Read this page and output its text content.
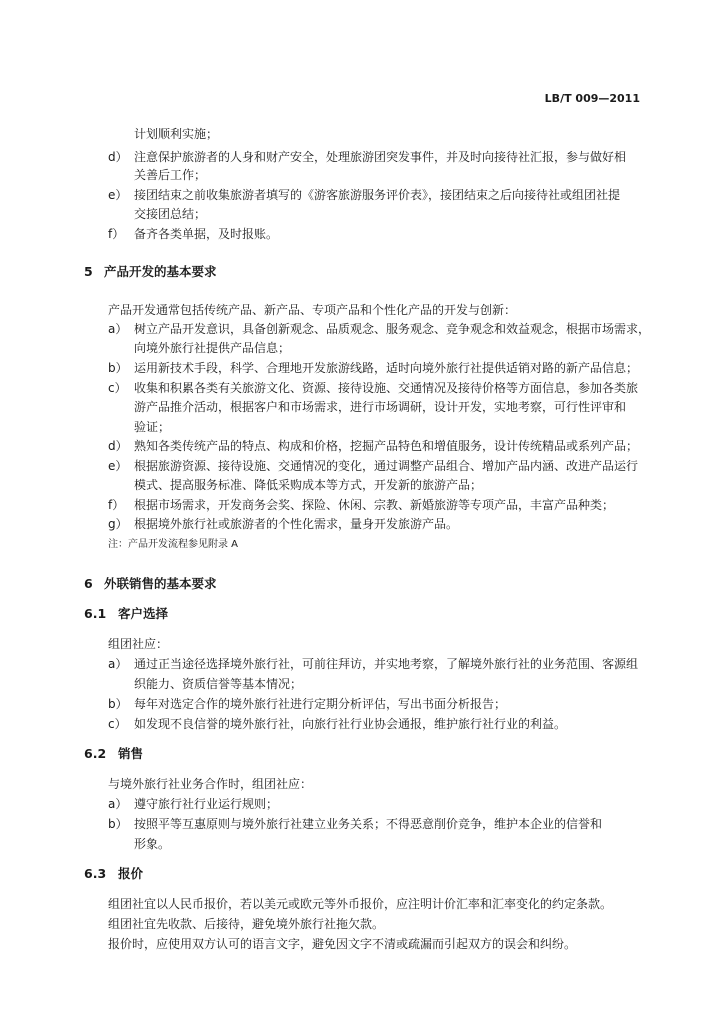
LB/T 009—2011
计划顺利实施；
d） 注意保护旅游者的人身和财产安全，处理旅游团突发事件，并及时向接待社汇报，参与做好相
关善后工作；
e） 接团结束之前收集旅游者填写的《游客旅游服务评价表》，接团结束之后向接待社或组团社提
交接团总结；
f） 备齐各类单据，及时报账。
5 产品开发的基本要求
产品开发通常包括传统产品、新产品、专项产品和个性化产品的开发与创新：
a） 树立产品开发意识，具备创新观念、品质观念、服务观念、竞争观念和效益观念，根据市场需求，
向境外旅行社提供产品信息；
b） 运用新技术手段，科学、合理地开发旅游线路，适时向境外旅行社提供适销对路的新产品信息；
c） 收集和积累各类有关旅游文化、资源、接待设施、交通情况及接待价格等方面信息，参加各类旅
游产品推介活动，根据客户和市场需求，进行市场调研，设计开发，实地考察，可行性评审和
验证；
d） 熟知各类传统产品的特点、构成和价格，挖掘产品特色和增值服务，设计传统精品或系列产品；
e） 根据旅游资源、接待设施、交通情况的变化，通过调整产品组合、增加产品内涵、改进产品运行
模式、提高服务标准、降低采购成本等方式，开发新的旅游产品；
f） 根据市场需求，开发商务会奖、探险、休闲、宗教、新婚旅游等专项产品，丰富产品种类；
g） 根据境外旅行社或旅游者的个性化需求，量身开发旅游产品。
注：产品开发流程参见附录 A
6 外联销售的基本要求
6.1 客户选择
组团社应：
a） 通过正当途径选择境外旅行社，可前往拜访，并实地考察，了解境外旅行社的业务范围、客源组
织能力、资质信誉等基本情况；
b） 每年对选定合作的境外旅行社进行定期分析评估，写出书面分析报告；
c） 如发现不良信誉的境外旅行社，向旅行社行业协会通报，维护旅行社行业的利益。
6.2 销售
与境外旅行社业务合作时，组团社应：
a） 遵守旅行社行业运行规则；
b） 按照平等互惠原则与境外旅行社建立业务关系；不得恶意削价竞争，维护本企业的信誉和
形象。
6.3 报价
组团社宜以人民币报价，若以美元或欧元等外币报价，应注明计价汇率和汇率变化的约定条款。
组团社宜先收款、后接待，避免境外旅行社拖欠款。
报价时，应使用双方认可的语言文字，避免因文字不清或疏漏而引起双方的误会和纠纷。
